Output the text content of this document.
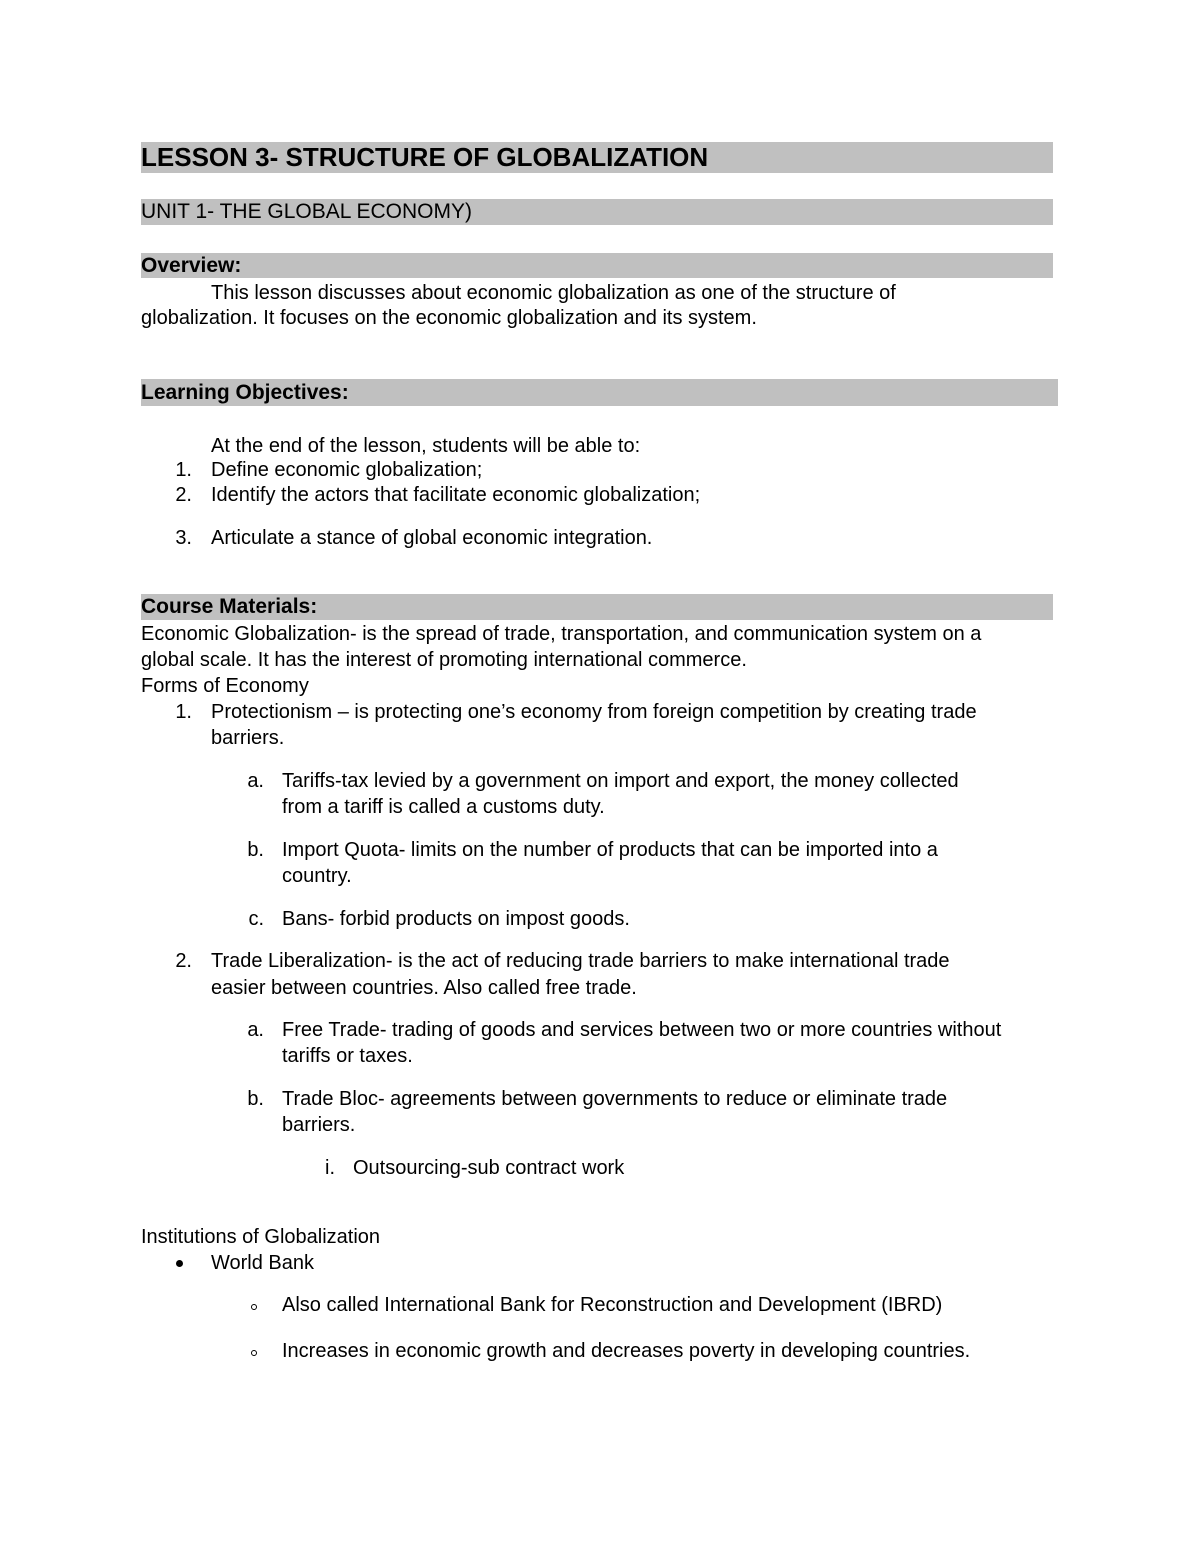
LESSON 3- STRUCTURE OF GLOBALIZATION
UNIT 1- THE GLOBAL ECONOMY)
Overview:
This lesson discusses about economic globalization as one of the structure of
globalization. It focuses on the economic globalization and its system.
Learning Objectives:
At the end of the lesson, students will be able to:
1. Define economic globalization;
2. Identify the actors that facilitate economic globalization;
3. Articulate a stance of global economic integration.
Course Materials:
Economic Globalization- is the spread of trade, transportation, and communication system on a
global scale. It has the interest of promoting international commerce.
Forms of Economy
1. Protectionism – is protecting one’s economy from foreign competition by creating trade
barriers.
a. Tariffs-tax levied by a government on import and export, the money collected
from a tariff is called a customs duty.
b. Import Quota- limits on the number of products that can be imported into a
country.
c. Bans- forbid products on impost goods.
2. Trade Liberalization- is the act of reducing trade barriers to make international trade
easier between countries. Also called free trade.
a. Free Trade- trading of goods and services between two or more countries without
tariffs or taxes.
b. Trade Bloc- agreements between governments to reduce or eliminate trade
barriers.
i. Outsourcing-sub contract work
Institutions of Globalization
World Bank
Also called International Bank for Reconstruction and Development (IBRD)
Increases in economic growth and decreases poverty in developing countries.
